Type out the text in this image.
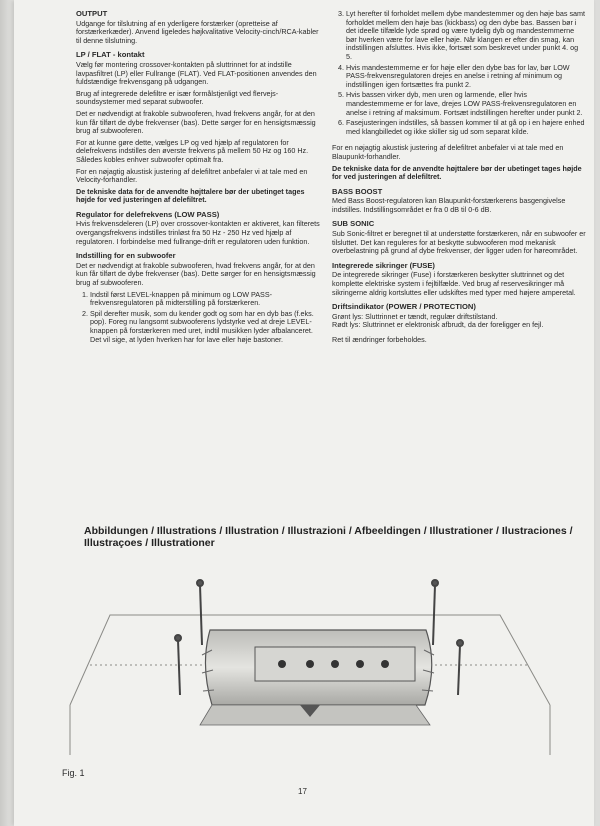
OUTPUT

Udgange for tilslutning af en yderligere forstærker (opretteise af forstærkerkæder). Anvend ligeledes højkvalitative Velocity-cinch/RCA-kabler til denne tilslutning.

LP / FLAT - kontakt

Vælg før montering crossover-kontakten på sluttrinnet for at indstille lavpasfiltret (LP) eller Fullrange (FLAT). Ved FLAT-positionen anvendes den fuldstændige frekvensgang på udgangen.

Brug af integrerede delefiltre er især formålstjenligt ved flervejs-soundsystemer med separat subwoofer.

Det er nødvendigt at frakoble subwooferen, hvad frekvens angår, for at den kun får tilført de dybe frekvenser (bas). Dette sørger for en hensigtsmæssig brug af subwooferen.

For at kunne gøre dette, vælges LP og ved hjælp af regulatoren for delefrekvens indstilles den øverste frekvens på mellem 50 Hz og 160 Hz. Således kobles enhver subwoofer optimalt fra.

For en nøjagtig akustisk justering af delefiltret anbefaler vi at tale med en Velocity-forhandler.

De tekniske data for de anvendte højttalere bør der ubetinget tages højde for ved justeringen af delefiltret.

Regulator for delefrekvens (LOW PASS)

Hvis frekvensdeleren (LP) over crossover-kontakten er aktiveret, kan filterets overgangsfrekvens indstilles trinløst fra 50 Hz - 250 Hz ved hjælp af regulatoren. I forbindelse med fullrange-drift er regulatoren uden funktion.

Indstilling for en subwoofer

Det er nødvendigt at frakoble subwooferen, hvad frekvens angår, for at den kun får tilført de dybe frekvenser (bas). Dette sørger for en hensigtsmæssig brug af subwooferen.

1. Indstil først LEVEL-knappen på minimum og LOW PASS-frekvensregulatoren på midterstilling på forstærkeren.
2. Spil derefter musik, som du kender godt og som har en dyb bas (f.eks. pop). Foreg nu langsomt subwooferens lydstyrke ved at dreje LEVEL-knappen på forstærkeren med uret, indtil musikken lyder afbalanceret. Det vil sige, at lyden hverken har for lave eller høje bastoner.
3. Lyt herefter til forholdet mellem dybe mandestemmer og den høje bas samt forholdet mellem den høje bas (kickbass) og den dybe bas. Bassen bør i det ideelle tilfælde lyde sprød og være tydelig dyb og mandestemmerne bør hverken være for lave eller høje. Når klangen er efter din smag, kan indstillingen afsluttes. Hvis ikke, fortsæt som beskrevet under punkt 4. og 5.
4. Hvis mandestemmerne er for høje eller den dybe bas for lav, bør LOW PASS-frekvensregulatoren drejes en anelse i retning af minimum og indstillingen igen fortsættes fra punkt 2.
5. Hvis bassen virker dyb, men uren og larmende, eller hvis mandestemmerne er for lave, drejes LOW PASS-frekvensregulatoren en anelse i retning af maksimum. Fortsæt indstillingen herefter under punkt 2.
6. Fasejusteringen indstilles, så bassen kommer til at gå op i en højere enhed med klangbilledet og ikke skiller sig ud som separat kilde.

For en nøjagtig akustisk justering af delefiltret anbefaler vi at tale med en Blaupunkt-forhandler.

De tekniske data for de anvendte højttalere bør der ubetinget tages højde for ved justeringen af delefiltret.

BASS BOOST

Med Bass Boost-regulatoren kan Blaupunkt-forstærkerens basgengivelse indstilles. Indstillingsområdet er fra 0 dB til 0-6 dB.

SUB SONIC

Sub Sonic-filtret er beregnet til at understøtte forstærkeren, når en subwoofer er tilsluttet. Det kan reguleres for at beskytte subwooferen mod mekanisk overbelastning på grund af dybe frekvenser, der ligger uden for høreområdet.

Integrerede sikringer (FUSE)

De integrerede sikringer (Fuse) i forstærkeren beskytter sluttrinnet og det komplette elektriske system i fejltilfælde. Ved brug af reservesikringer må sikringerne aldrig kortsluttes eller udskiftes med typer med højere amperetal.

Driftsindikator (POWER / PROTECTION)

Grønt lys: Sluttrinnet er tændt, regulær driftstilstand.

Rødt lys: Sluttrinnet er elektronisk afbrudt, da der foreligger en fejl.

Ret til ændringer forbeholdes.

Abbildungen / Illustrations / Illustration / Illustrazioni / Afbeeldingen / Illustrationer / Ilustraciones / Illustraçoes / Illustrationer
Fig. 1
17
